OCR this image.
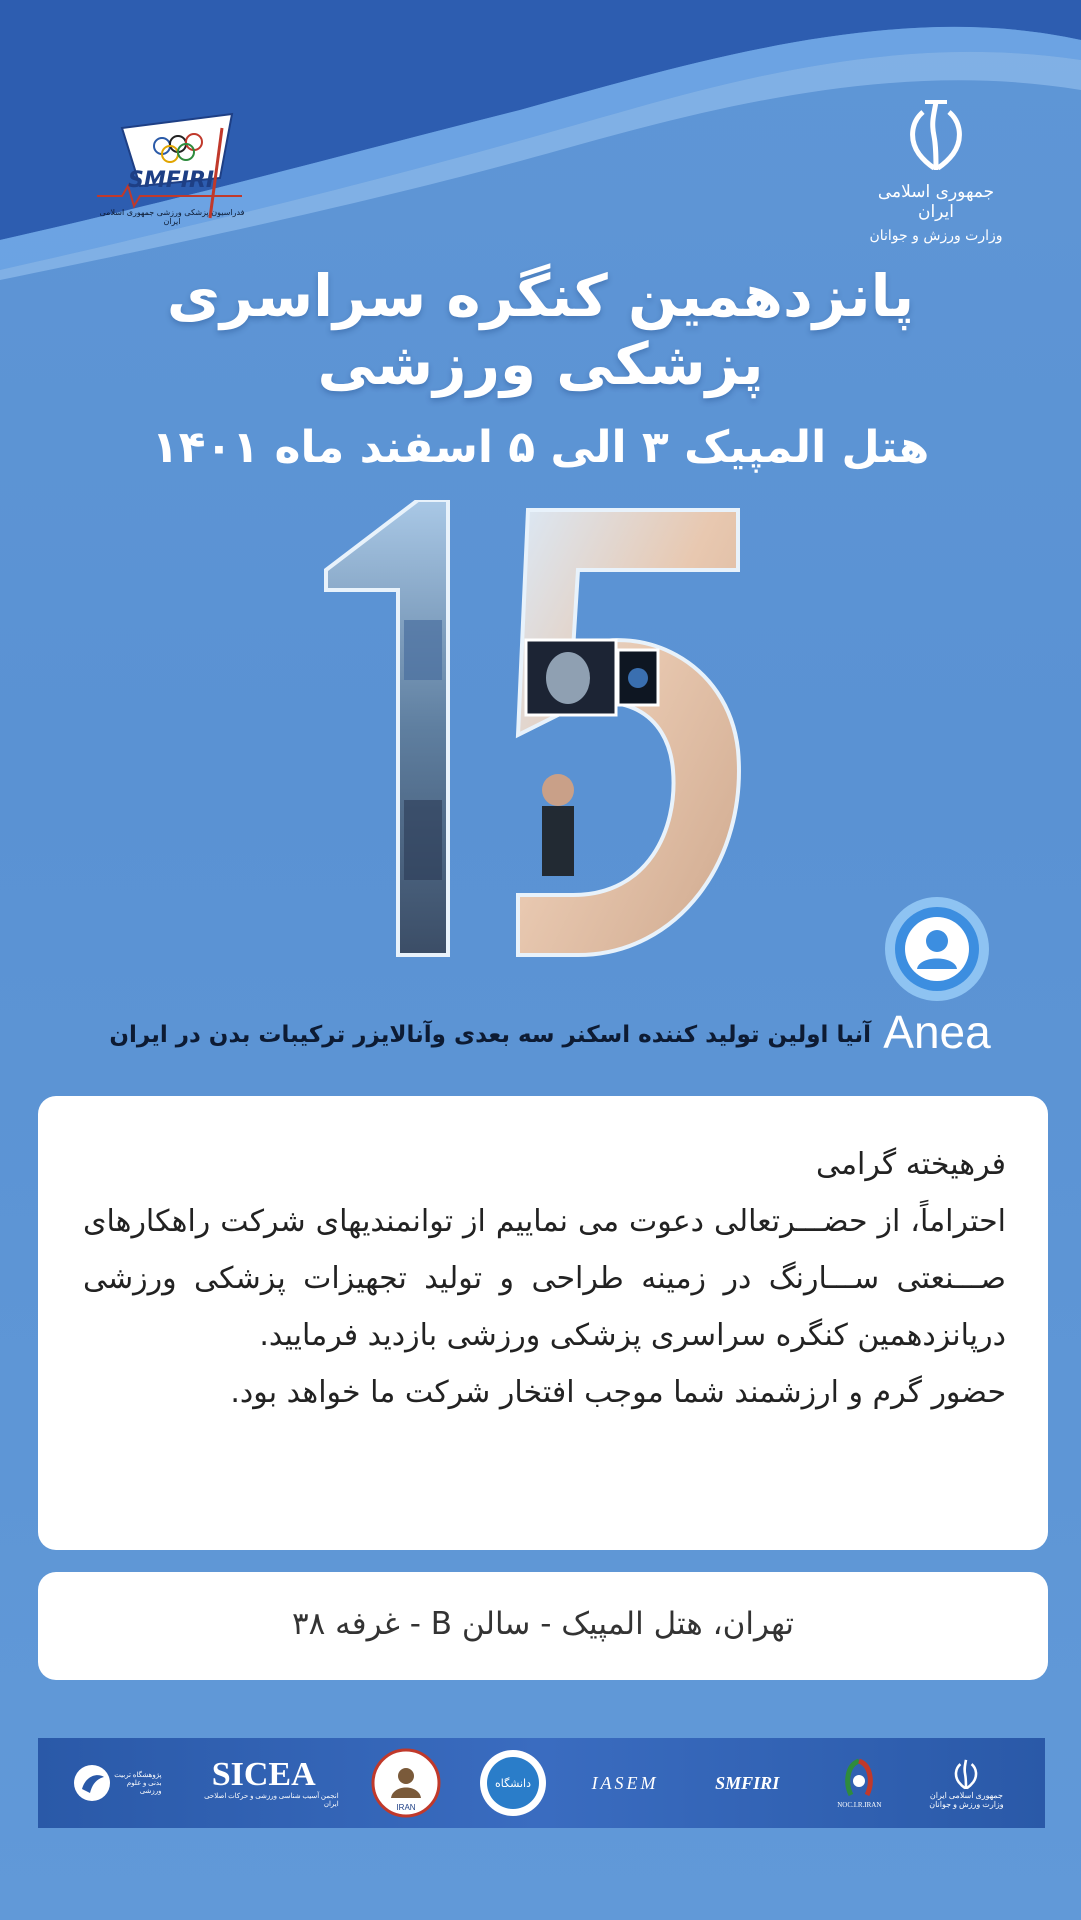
SMFIRI
فدراسیون پزشکی ورزشی جمهوری اسلامی ایران
جمهوری اسلامی ایران
وزارت ورزش و جوانان
پانزدهمین کنگره سراسری پزشکی ورزشی
هتل المپیک ۳ الی ۵ اسفند ماه ۱۴۰۱
Anea
آنیا اولین تولید کننده اسکنر سه بعدی وآنالایزر ترکیبات بدن در ایران

فرهیخته گرامی

احتراماً، از حضـــرتعالی دعوت می نماییم از توانمندیهای شرکت راهکارهای صـــنعتی ســـارنگ در زمینه طراحی و تولید تجهیزات پزشکی ورزشی درپانزدهمین کنگره سراسری پزشکی ورزشی بازدید فرمایید.

حضور گرم و ارزشمند شما موجب افتخار شرکت ما خواهد بود.

تهران، هتل المپیک - سالن B - غرفه ۳۸
پژوهشگاه تربیت بدنی و علوم ورزشی SICEA
انجمن آسیب شناسی ورزشی و حرکات اصلاحی ایران	IRAN
دانشگاه	IASEM	SMFIRI
NOC.I.R.IRAN
جمهوری اسلامی ایران
وزارت ورزش و جوانان
